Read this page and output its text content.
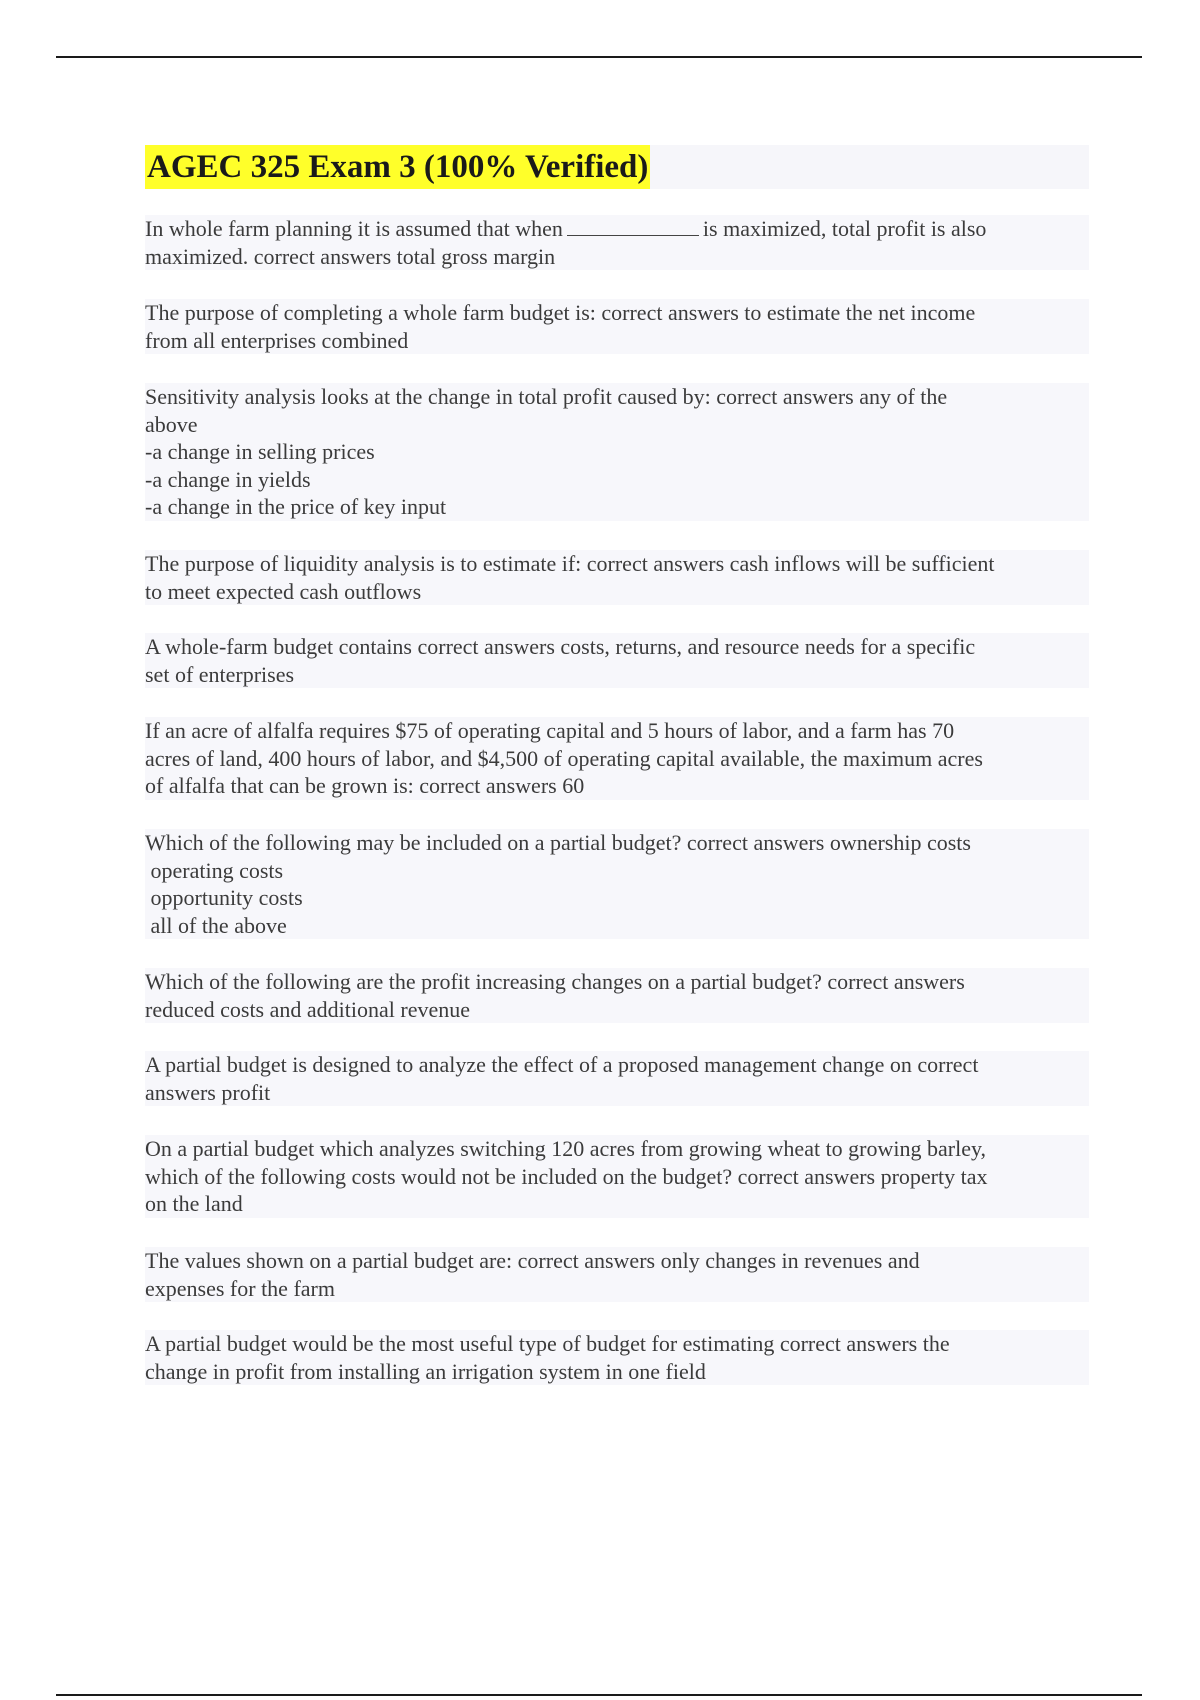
AGEC 325 Exam 3 (100% Verified)
In whole farm planning it is assumed that when	is maximized, total profit is also
maximized. correct answers total gross margin
The purpose of completing a whole farm budget is: correct answers to estimate the net income
from all enterprises combined
Sensitivity analysis looks at the change in total profit caused by: correct answers any of the
above
-a change in selling prices
-a change in yields
-a change in the price of key input
The purpose of liquidity analysis is to estimate if: correct answers cash inflows will be sufficient
to meet expected cash outflows
A whole-farm budget contains correct answers costs, returns, and resource needs for a specific
set of enterprises
If an acre of alfalfa requires $75 of operating capital and 5 hours of labor, and a farm has 70
acres of land, 400 hours of labor, and $4,500 of operating capital available, the maximum acres
of alfalfa that can be grown is: correct answers 60
Which of the following may be included on a partial budget? correct answers ownership costs
operating costs
opportunity costs
all of the above
Which of the following are the profit increasing changes on a partial budget? correct answers
reduced costs and additional revenue
A partial budget is designed to analyze the effect of a proposed management change on correct
answers profit
On a partial budget which analyzes switching 120 acres from growing wheat to growing barley,
which of the following costs would not be included on the budget? correct answers property tax
on the land
The values shown on a partial budget are: correct answers only changes in revenues and
expenses for the farm
A partial budget would be the most useful type of budget for estimating correct answers the
change in profit from installing an irrigation system in one field
